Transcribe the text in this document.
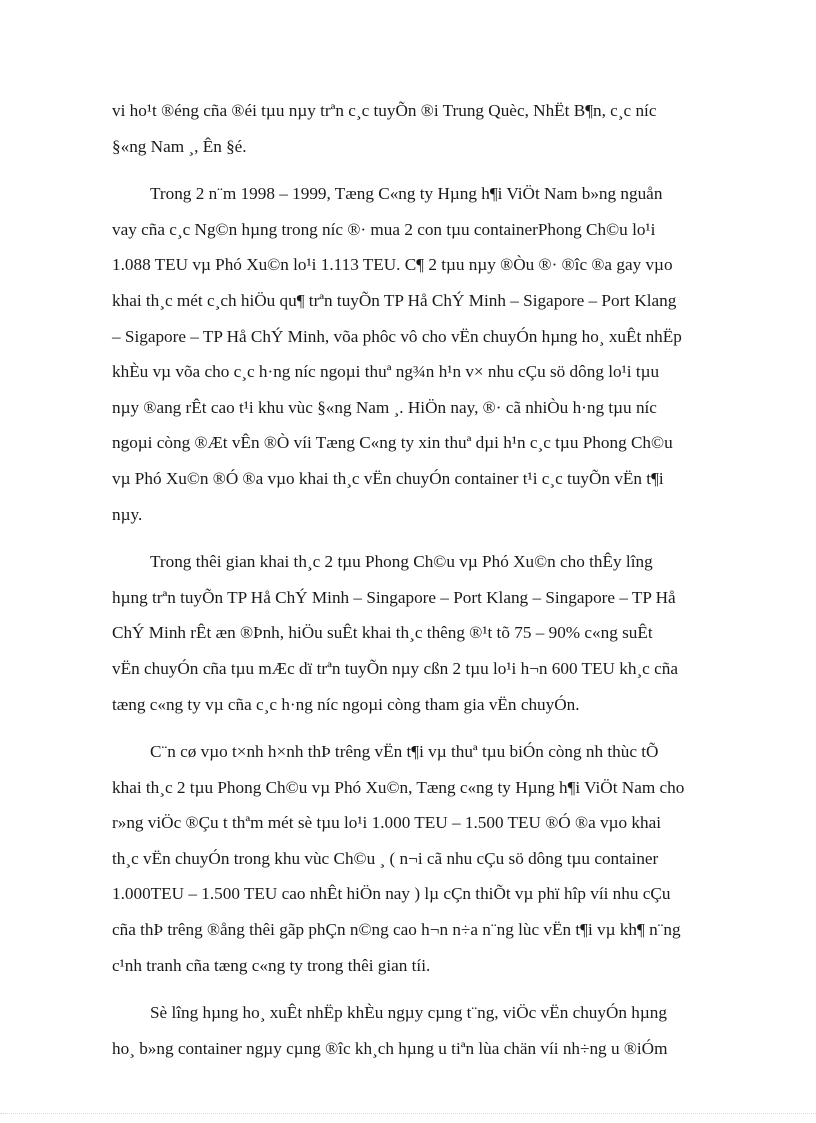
vi ho¹t ®éng cña ®éi tµu nµy trªn c¸c tuyÕn ®i Trung Quèc, NhËt B¶n, c¸c níc
§«ng Nam ¸, Ên §é.

Trong 2 n¨m 1998 – 1999, Tæng C«ng ty Hµng h¶i ViÖt Nam b»ng nguån
vay cña c¸c Ng©n hµng trong níc ®· mua 2 con tµu containerPhong Ch©u lo¹i
1.088 TEU vµ Phó Xu©n lo¹i 1.113 TEU. C¶ 2 tµu nµy ®Òu ®· ®îc ®a gay vµo
khai th¸c mét c¸ch hiÖu qu¶ trªn tuyÕn TP Hå ChÝ Minh – Sigapore – Port Klang
– Sigapore – TP Hå ChÝ Minh, võa phôc vô cho vËn chuyÓn hµng ho¸ xuÊt nhËp
khÈu vµ võa cho c¸c h·ng níc ngoµi thuª ng¾n h¹n v× nhu cÇu sö dông lo¹i tµu
nµy ®ang rÊt cao t¹i khu vùc §«ng Nam ¸. HiÖn nay, ®· cã nhiÒu h·ng tµu níc
ngoµi còng ®Æt vÊn ®Ò víi Tæng C«ng ty xin thuª dµi h¹n c¸c tµu Phong Ch©u
vµ Phó Xu©n ®Ó ®a vµo khai th¸c vËn chuyÓn container t¹i c¸c tuyÕn vËn t¶i
nµy.

Trong thêi gian khai th¸c 2 tµu Phong Ch©u vµ Phó Xu©n cho thÊy lîng
hµng trªn tuyÕn TP Hå ChÝ Minh – Singapore – Port Klang – Singapore – TP Hå
ChÝ Minh rÊt æn ®Þnh, hiÖu suÊt khai th¸c thêng ®¹t tõ 75 – 90% c«ng suÊt
vËn chuyÓn cña tµu mÆc dï trªn tuyÕn nµy cßn 2 tµu lo¹i h¬n 600 TEU kh¸c cña
tæng c«ng ty vµ cña c¸c h·ng níc ngoµi còng tham gia vËn chuyÓn.

C¨n cø vµo t×nh h×nh thÞ trêng vËn t¶i vµ thuª tµu biÓn còng nh thùc tÕ
khai th¸c 2 tµu Phong Ch©u vµ Phó Xu©n, Tæng c«ng ty Hµng h¶i ViÖt Nam cho
r»ng viÖc ®Çu t thªm mét sè tµu lo¹i 1.000 TEU – 1.500 TEU ®Ó ®a vµo khai
th¸c vËn chuyÓn trong khu vùc Ch©u ¸ ( n¬i cã nhu cÇu sö dông tµu container
1.000TEU – 1.500 TEU cao nhÊt hiÖn nay ) lµ cÇn thiÕt vµ phï hîp víi nhu cÇu
cña thÞ trêng ®ång thêi gãp phÇn n©ng cao h¬n n÷a n¨ng lùc vËn t¶i vµ kh¶ n¨ng
c¹nh tranh cña tæng c«ng ty trong thêi gian tíi.

Sè lîng hµng ho¸ xuÊt nhËp khÈu ngµy cµng t¨ng, viÖc vËn chuyÓn hµng
ho¸ b»ng container ngµy cµng ®îc kh¸ch hµng u tiªn lùa chän víi nh÷ng u ®iÓm
